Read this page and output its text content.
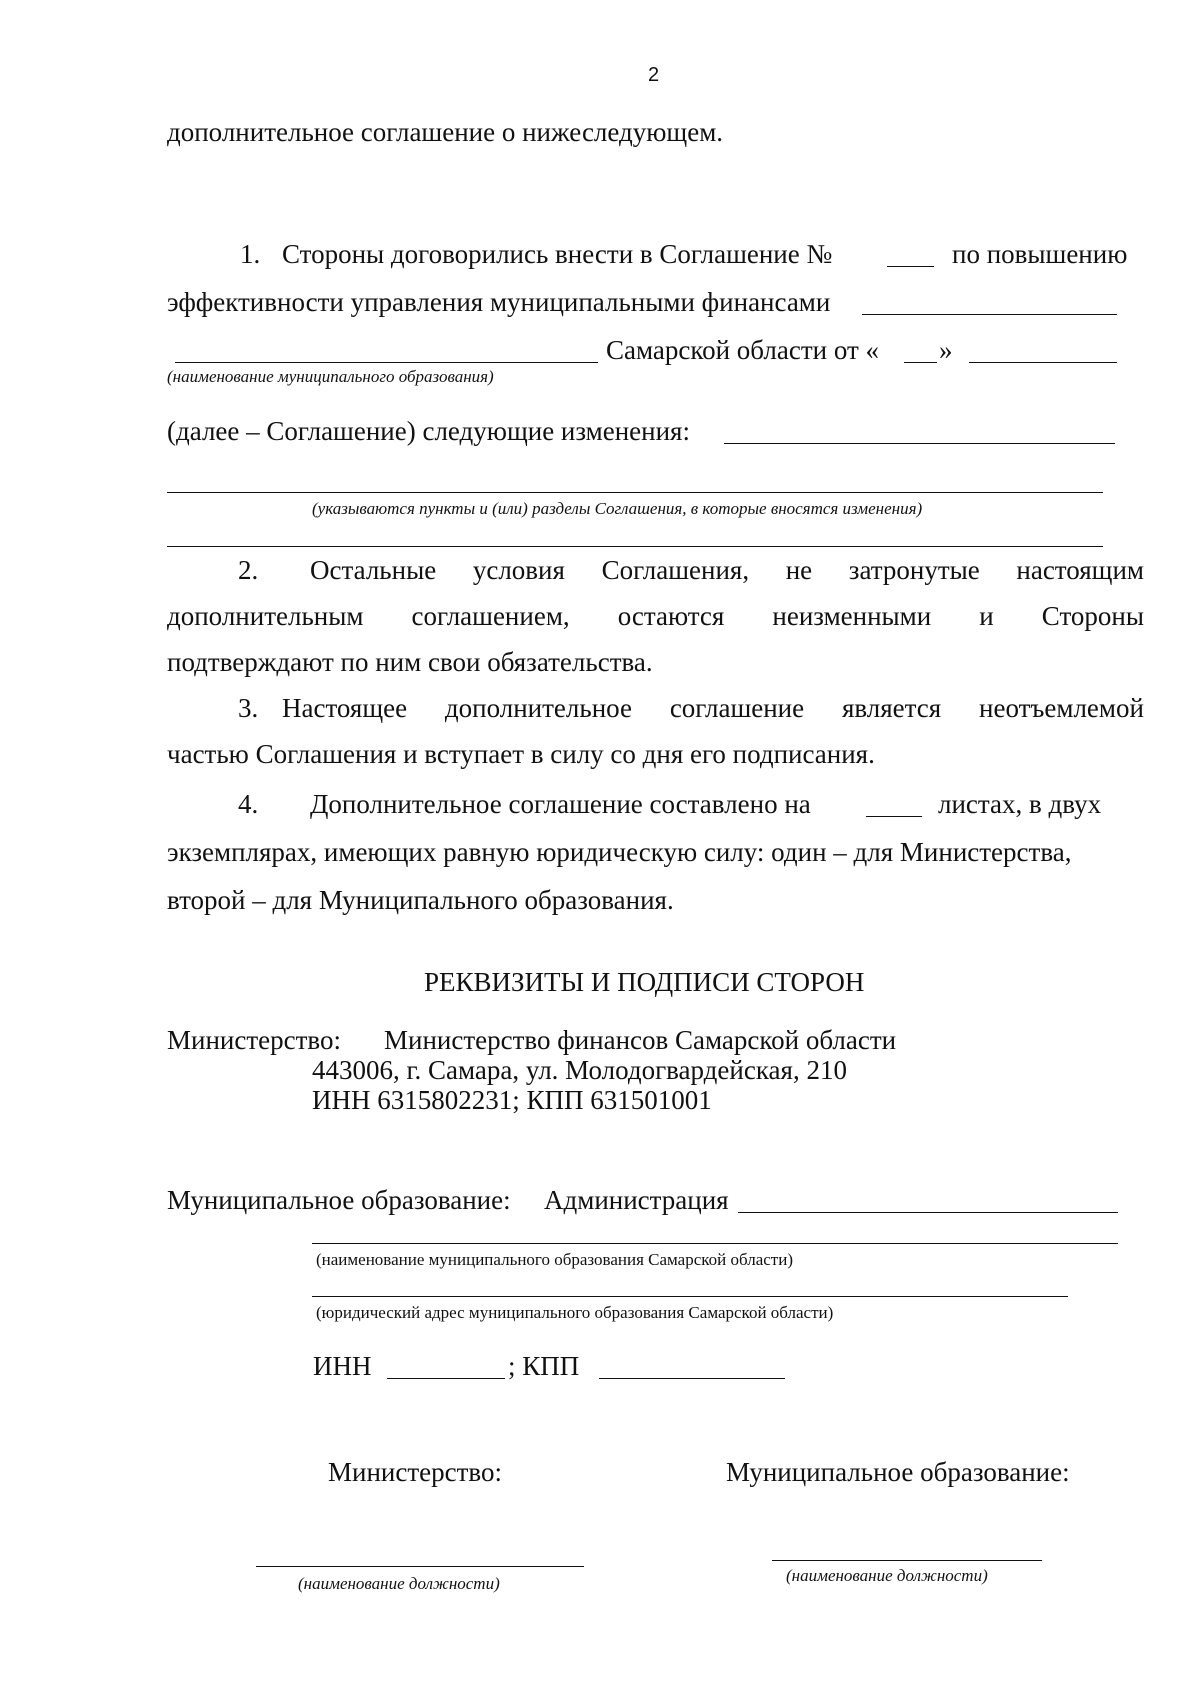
2
дополнительное соглашение о нижеследующем.
1. Стороны договорились внести в Соглашение №	по повышению
эффективности управления муниципальными финансами
Самарской области от « »
(наименование муниципального образования)
(далее – Соглашение) следующие изменения:
(указываются пункты и (или) разделы Соглашения, в которые вносятся изменения)
2. Остальные условия Соглашения, не затронутые настоящим
дополнительным соглашением, остаются неизменными и Стороны
подтверждают по ним свои обязательства.
3. Настоящее дополнительное соглашение является неотъемлемой
частью Соглашения и вступает в силу со дня его подписания.
4. Дополнительное соглашение составлено на	листах, в двух
экземплярах, имеющих равную юридическую силу: один – для Министерства,
второй – для Муниципального образования.
РЕКВИЗИТЫ И ПОДПИСИ СТОРОН
Министерство: Министерство финансов Самарской области
443006, г. Самара, ул. Молодогвардейская, 210
ИНН 6315802231; КПП 631501001
Муниципальное образование: Администрация
(наименование муниципального образования Самарской области)
(юридический адрес муниципального образования Самарской области)
ИНН	; КПП
Министерство:	Муниципальное образование:
(наименование должности)	(наименование должности)
